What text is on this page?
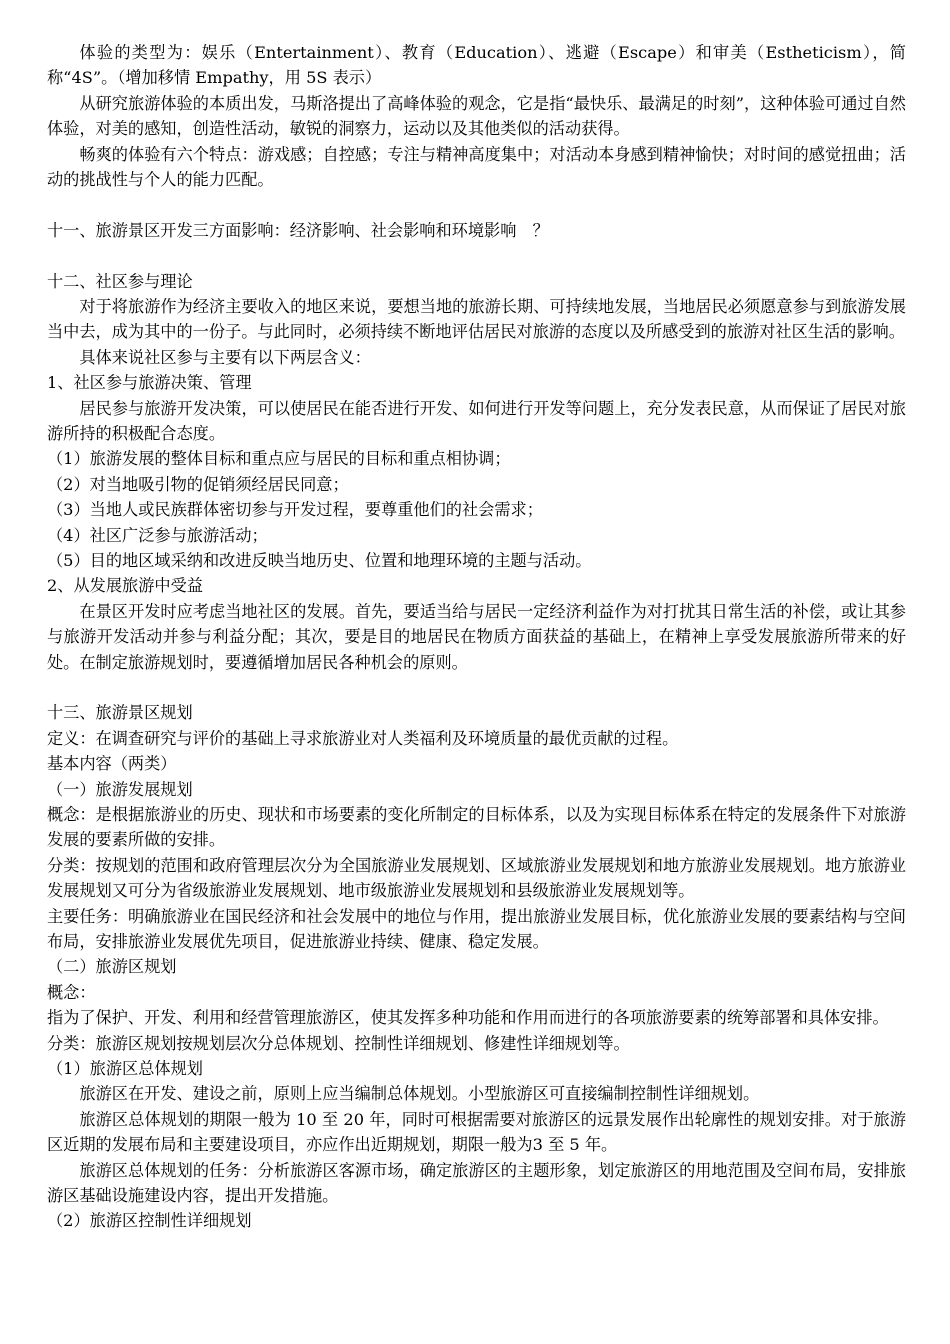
体验的类型为：娱乐（Entertainment）、教育（Education）、逃避（Escape）和审美（Estheticism），简称“4S”。（增加移情 Empathy，用 5S 表示）

从研究旅游体验的本质出发，马斯洛提出了高峰体验的观念，它是指“最快乐、最满足的时刻”，这种体验可通过自然体验，对美的感知，创造性活动，敏锐的洞察力，运动以及其他类似的活动获得。

畅爽的体验有六个特点：游戏感；自控感；专注与精神高度集中；对活动本身感到精神愉快；对时间的感觉扭曲；活动的挑战性与个人的能力匹配。

十一、旅游景区开发三方面影响：经济影响、社会影响和环境影响　？
十二、社区参与理论

对于将旅游作为经济主要收入的地区来说，要想当地的旅游长期、可持续地发展，当地居民必须愿意参与到旅游发展当中去，成为其中的一份子。与此同时，必须持续不断地评估居民对旅游的态度以及所感受到的旅游对社区生活的影响。

具体来说社区参与主要有以下两层含义：

1、社区参与旅游决策、管理

居民参与旅游开发决策，可以使居民在能否进行开发、如何进行开发等问题上，充分发表民意，从而保证了居民对旅游所持的积极配合态度。

（1）旅游发展的整体目标和重点应与居民的目标和重点相协调；
（2）对当地吸引物的促销须经居民同意；
（3）当地人或民族群体密切参与开发过程，要尊重他们的社会需求；
（4）社区广泛参与旅游活动；
（5）目的地区域采纳和改进反映当地历史、位置和地理环境的主题与活动。
2、从发展旅游中受益

在景区开发时应考虑当地社区的发展。首先，要适当给与居民一定经济利益作为对打扰其日常生活的补偿，或让其参与旅游开发活动并参与利益分配；其次，要是目的地居民在物质方面获益的基础上，在精神上享受发展旅游所带来的好处。在制定旅游规划时，要遵循增加居民各种机会的原则。

十三、旅游景区规划

定义：在调查研究与评价的基础上寻求旅游业对人类福利及环境质量的最优贡献的过程。

基本内容（两类）
（一）旅游发展规划

概念：是根据旅游业的历史、现状和市场要素的变化所制定的目标体系，以及为实现目标体系在特定的发展条件下对旅游发展的要素所做的安排。

分类：按规划的范围和政府管理层次分为全国旅游业发展规划、区域旅游业发展规划和地方旅游业发展规划。地方旅游业发展规划又可分为省级旅游业发展规划、地市级旅游业发展规划和县级旅游业发展规划等。

主要任务：明确旅游业在国民经济和社会发展中的地位与作用，提出旅游业发展目标，优化旅游业发展的要素结构与空间布局，安排旅游业发展优先项目，促进旅游业持续、健康、稳定发展。

（二）旅游区规划
概念：

指为了保护、开发、利用和经营管理旅游区，使其发挥多种功能和作用而进行的各项旅游要素的统筹部署和具体安排。

分类：旅游区规划按规划层次分总体规划、控制性详细规划、修建性详细规划等。
（1）旅游区总体规划

旅游区在开发、建设之前，原则上应当编制总体规划。小型旅游区可直接编制控制性详细规划。

旅游区总体规划的期限一般为 10 至 20 年，同时可根据需要对旅游区的远景发展作出轮廓性的规划安排。对于旅游区近期的发展布局和主要建设项目，亦应作出近期规划，期限一般为3 至 5 年。

旅游区总体规划的任务：分析旅游区客源市场，确定旅游区的主题形象，划定旅游区的用地范围及空间布局，安排旅游区基础设施建设内容，提出开发措施。

（2）旅游区控制性详细规划
